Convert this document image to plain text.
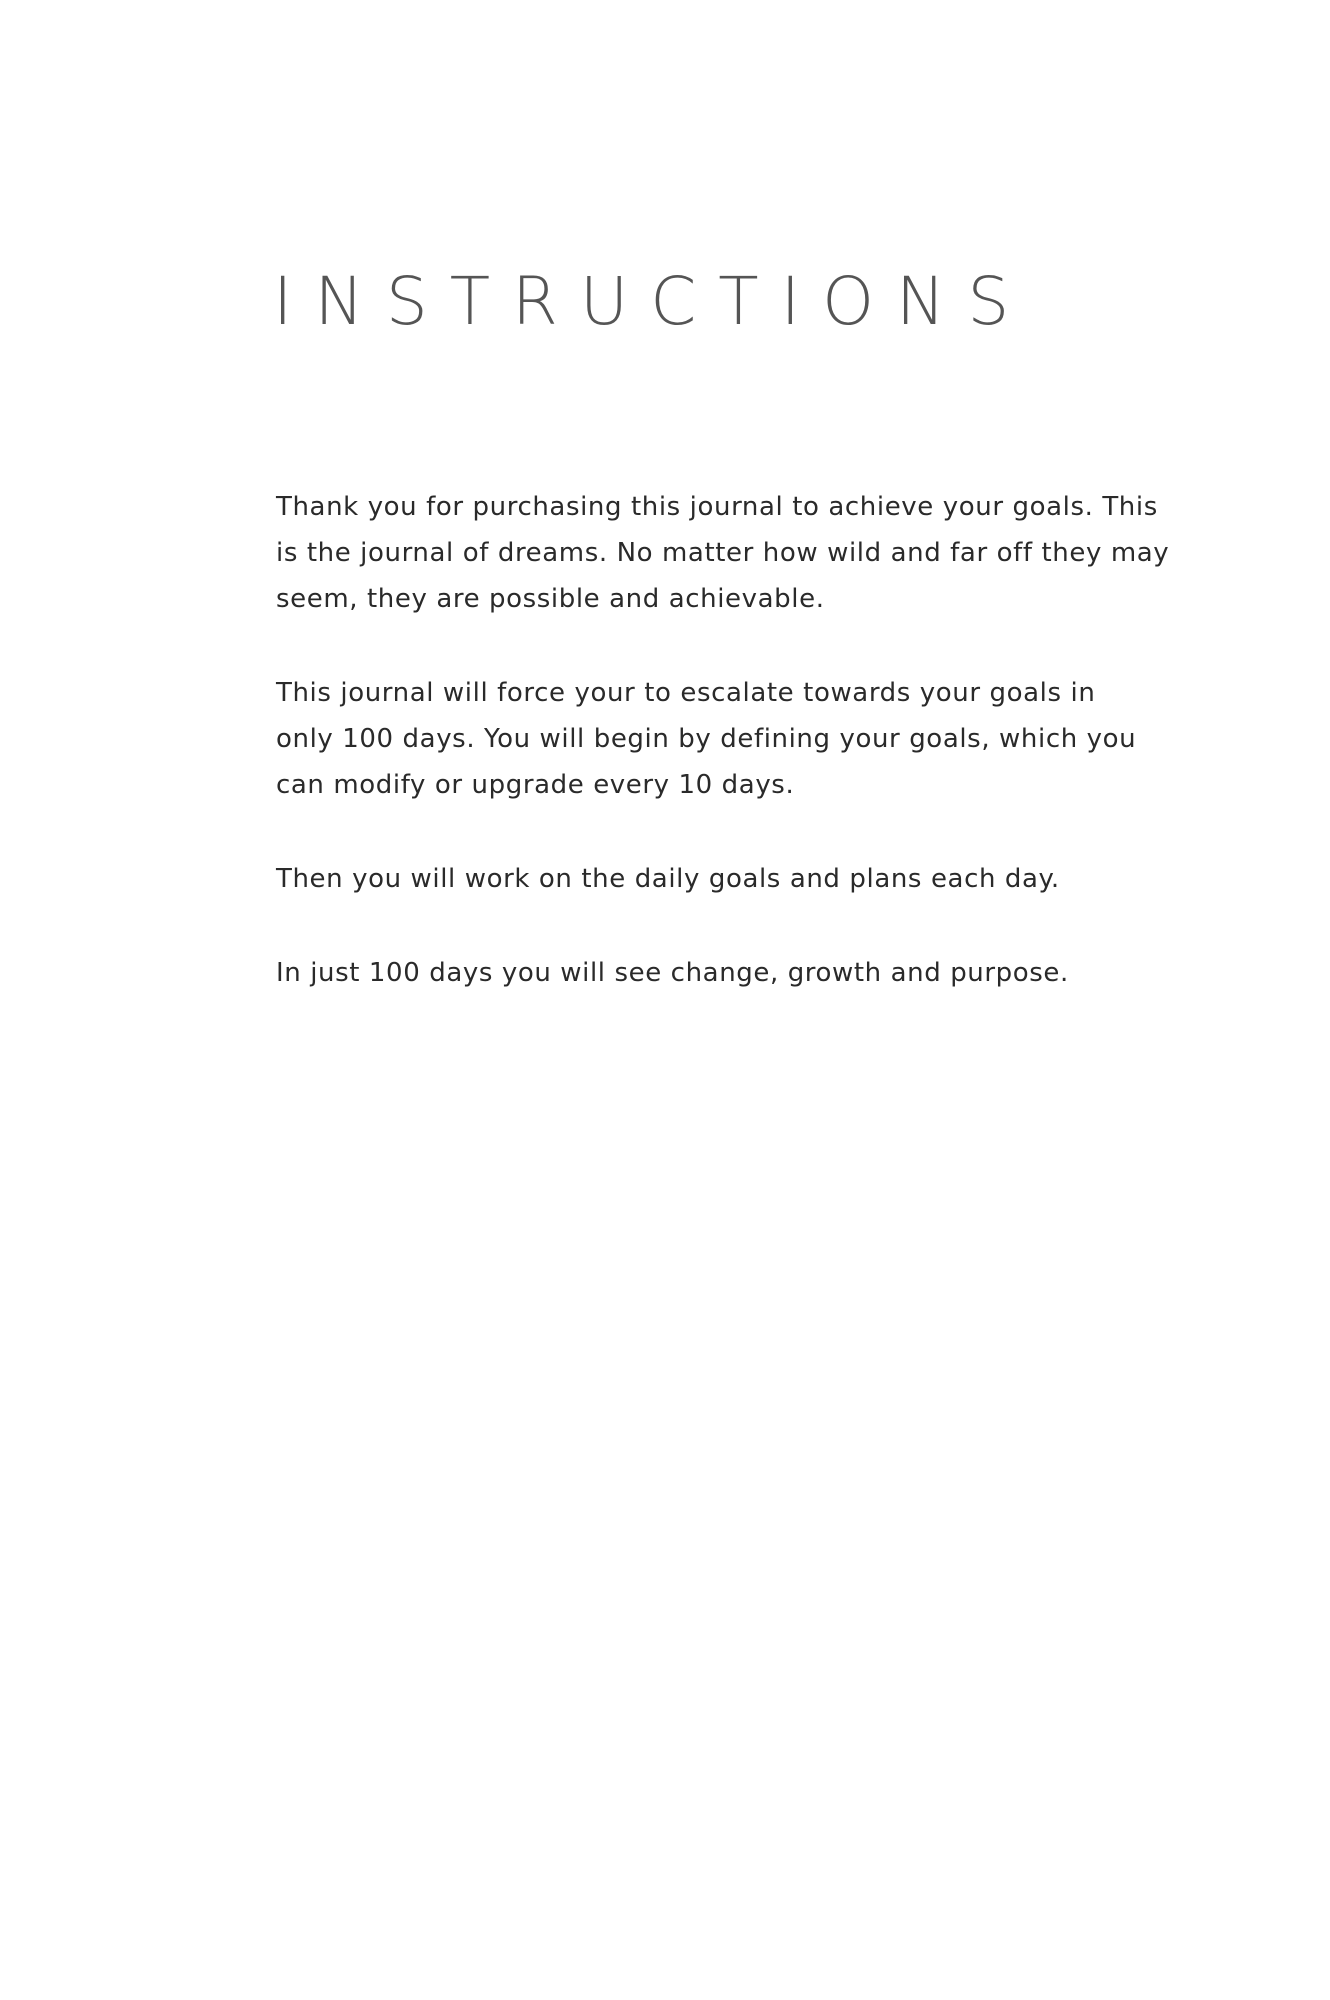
INSTRUCTIONS

Thank you for purchasing this journal to achieve your goals. This
is the journal of dreams. No matter how wild and far off they may
seem, they are possible and achievable.

This journal will force your to escalate towards your goals in
only 100 days. You will begin by defining your goals, which you
can modify or upgrade every 10 days.

Then you will work on the daily goals and plans each day.

In just 100 days you will see change, growth and purpose.
